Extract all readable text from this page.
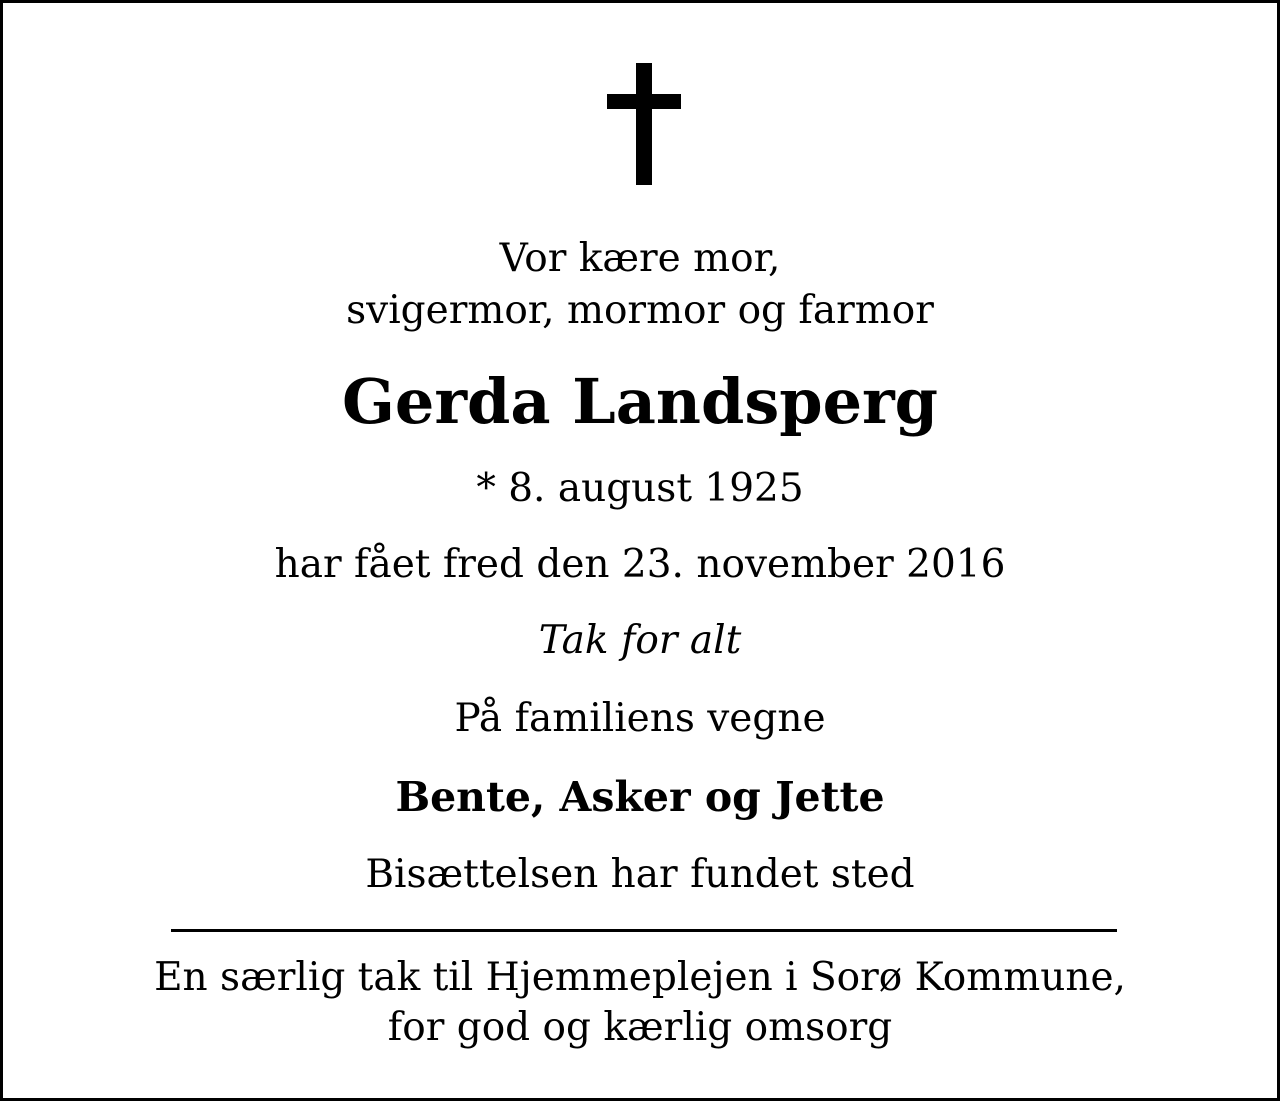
Vor kære mor,
svigermor, mormor og farmor
Gerda Landsperg
* 8. august 1925
har fået fred den 23. november 2016
Tak for alt
På familiens vegne
Bente, Asker og Jette
Bisættelsen har fundet sted
En særlig tak til Hjemmeplejen i Sorø Kommune,
for god og kærlig omsorg
